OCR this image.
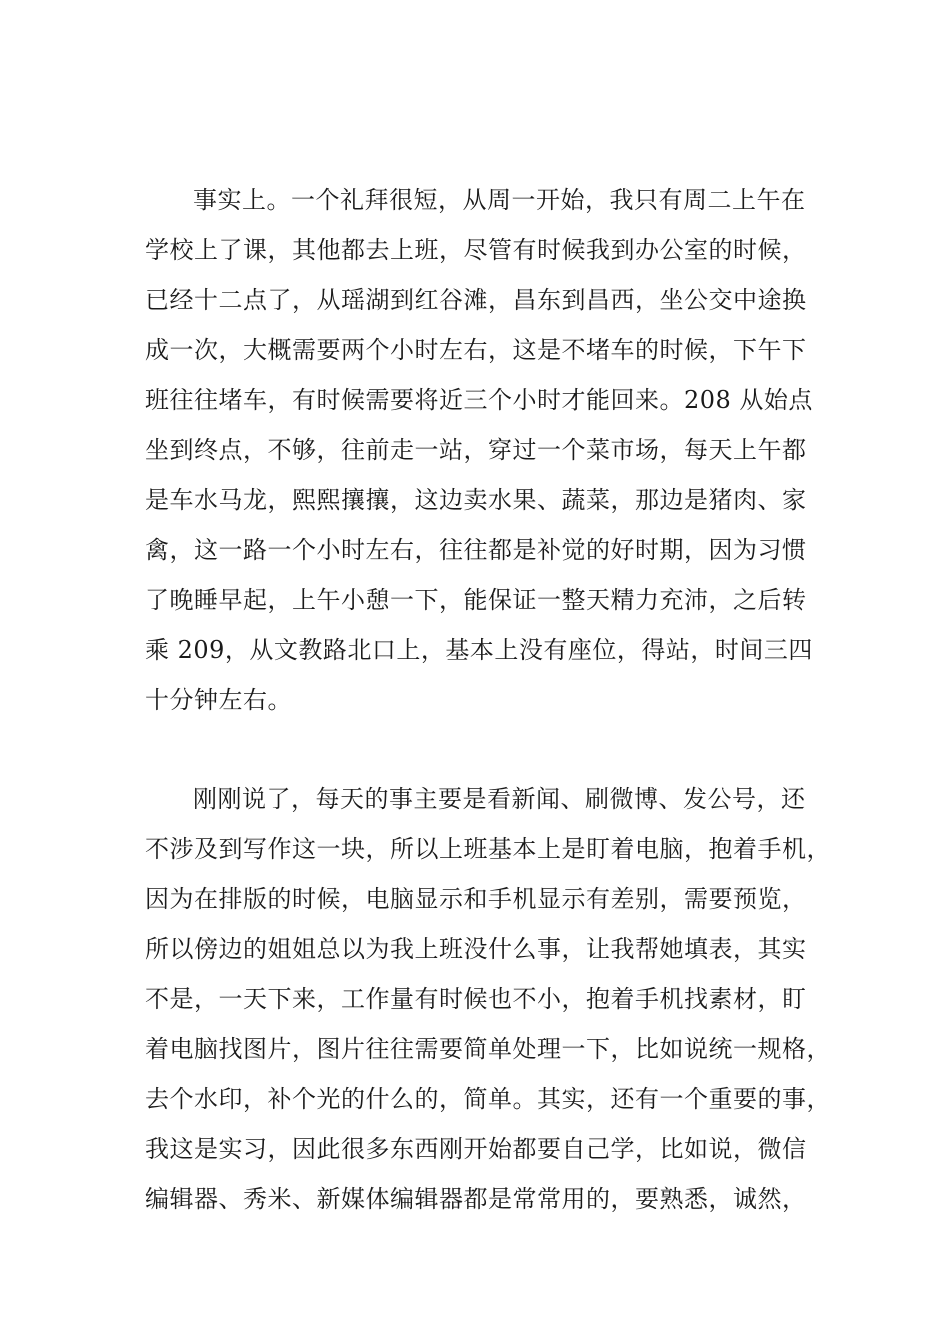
事实上。一个礼拜很短，从周一开始，我只有周二上午在
学校上了课，其他都去上班，尽管有时候我到办公室的时候，
已经十二点了，从瑶湖到红谷滩，昌东到昌西，坐公交中途换
成一次，大概需要两个小时左右，这是不堵车的时候，下午下
班往往堵车，有时候需要将近三个小时才能回来。208 从始点
坐到终点，不够，往前走一站，穿过一个菜市场，每天上午都
是车水马龙，熙熙攘攘，这边卖水果、蔬菜，那边是猪肉、家
禽，这一路一个小时左右，往往都是补觉的好时期，因为习惯
了晚睡早起，上午小憩一下，能保证一整天精力充沛，之后转
乘 209，从文教路北口上，基本上没有座位，得站，时间三四
十分钟左右。
刚刚说了，每天的事主要是看新闻、刷微博、发公号，还
不涉及到写作这一块，所以上班基本上是盯着电脑，抱着手机，
因为在排版的时候，电脑显示和手机显示有差别，需要预览，
所以傍边的姐姐总以为我上班没什么事，让我帮她填表，其实
不是，一天下来，工作量有时候也不小，抱着手机找素材，盯
着电脑找图片，图片往往需要简单处理一下，比如说统一规格，
去个水印，补个光的什么的，简单。其实，还有一个重要的事，
我这是实习，因此很多东西刚开始都要自己学，比如说，微信
编辑器、秀米、新媒体编辑器都是常常用的，要熟悉，诚然，
